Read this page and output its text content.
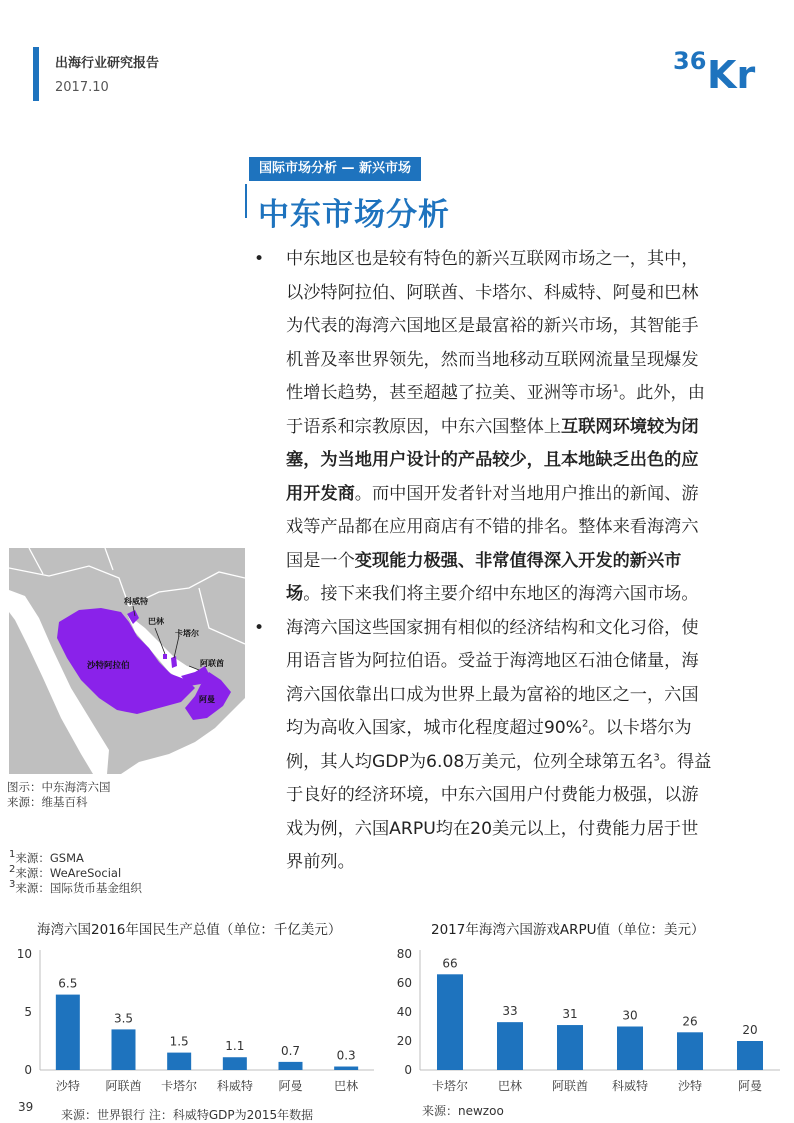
出海行业研究报告
2017.10
36 Kr
国际市场分析 — 新兴市场
中东市场分析

• 中东地区也是较有特色的新兴互联网市场之一，其中，以沙特阿拉伯、阿联酋、卡塔尔、科威特、阿曼和巴林为代表的海湾六国地区是最富裕的新兴市场，其智能手机普及率世界领先，然而当地移动互联网流量呈现爆发性增长趋势，甚至超越了拉美、亚洲等市场$^1$。此外，由于语系和宗教原因，中东六国整体上互联网环境较为闭塞，为当地用户设计的产品较少，且本地缺乏出色的应用开发商。而中国开发者针对当地用户推出的新闻、游戏等产品都在应用商店有不错的排名。整体来看海湾六国是一个变现能力极强、非常值得深入开发的新兴市场。接下来我们将主要介绍中东地区的海湾六国市场。

• 海湾六国这些国家拥有相似的经济结构和文化习俗，使用语言皆为阿拉伯语。受益于海湾地区石油仓储量，海湾六国依靠出口成为世界上最为富裕的地区之一，六国均为高收入国家，城市化程度超过90%$^2$。以卡塔尔为例，其人均GDP为6.08万美元，位列全球第五名$^3$。得益于良好的经济环境，中东六国用户付费能力极强，以游戏为例，六国ARPU均在20美元以上，付费能力居于世界前列。

科威特
巴林
卡塔尔
阿联酋
沙特阿拉伯
阿曼
图示：中东海湾六国
来源：维基百科
$^1$来源：GSMA
$^2$来源：WeAreSocial
$^3$来源：国际货币基金组织
海湾六国2016年国民生产总值（单位：千亿美元）
0
5
10
6.5
沙特
3.5
阿联酋
1.5
卡塔尔
1.1
科威特
0.7
阿曼
0.3
巴林
来源：世界银行 注：科威特GDP为2015年数据
2017年海湾六国游戏ARPU值（单位：美元）
0
20
40
60
80
66
卡塔尔
33
巴林
31
阿联酋
30
科威特
26
沙特
20
阿曼
来源：newzoo
39
